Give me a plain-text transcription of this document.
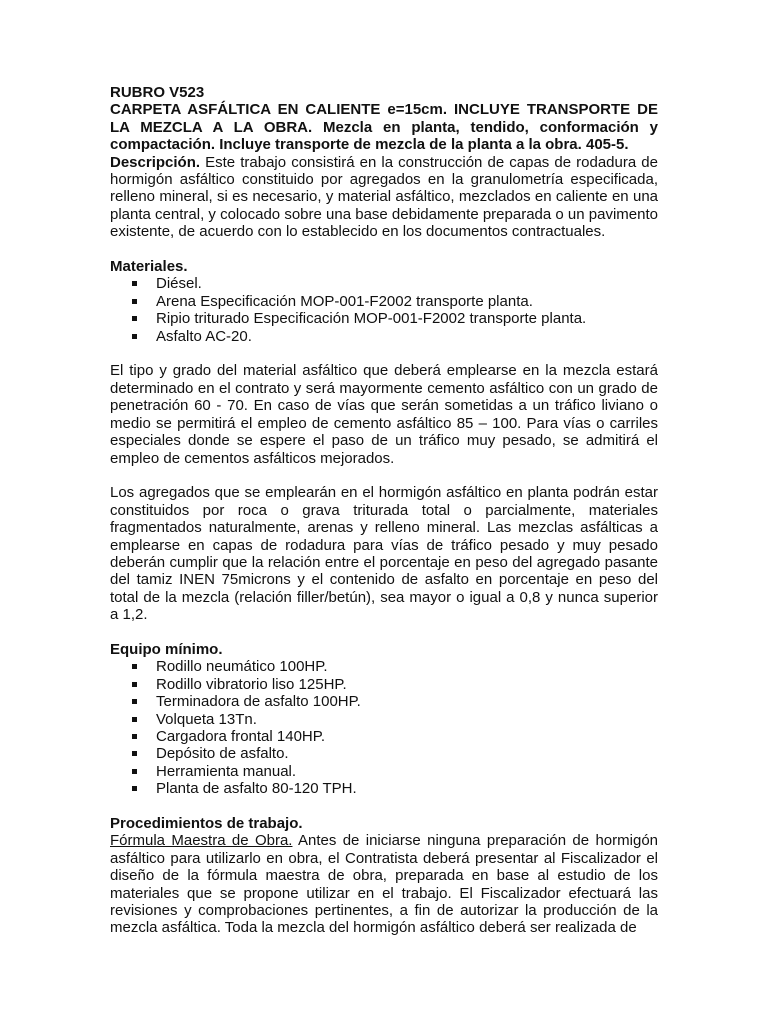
RUBRO V523

CARPETA ASFÁLTICA EN CALIENTE e=15cm. INCLUYE TRANSPORTE DE LA MEZCLA A LA OBRA. Mezcla en planta, tendido, conformación y compactación. Incluye transporte de mezcla de la planta a la obra. 405-5.

Descripción. Este trabajo consistirá en la construcción de capas de rodadura de hormigón asfáltico constituido por agregados en la granulometría especificada, relleno mineral, si es necesario, y material asfáltico, mezclados en caliente en una planta central, y colocado sobre una base debidamente preparada o un pavimento existente, de acuerdo con lo establecido en los documentos contractuales.

Materiales.

Diésel.
Arena Especificación MOP-001-F2002 transporte planta.
Ripio triturado Especificación MOP-001-F2002 transporte planta.
Asfalto AC-20.

El tipo y grado del material asfáltico que deberá emplearse en la mezcla estará determinado en el contrato y será mayormente cemento asfáltico con un grado de penetración 60 - 70. En caso de vías que serán sometidas a un tráfico liviano o medio se permitirá el empleo de cemento asfáltico 85 – 100. Para vías o carriles especiales donde se espere el paso de un tráfico muy pesado, se admitirá el empleo de cementos asfálticos mejorados.

Los agregados que se emplearán en el hormigón asfáltico en planta podrán estar constituidos por roca o grava triturada total o parcialmente, materiales fragmentados naturalmente, arenas y relleno mineral. Las mezclas asfálticas a emplearse en capas de rodadura para vías de tráfico pesado y muy pesado deberán cumplir que la relación entre el porcentaje en peso del agregado pasante del tamiz INEN 75microns y el contenido de asfalto en porcentaje en peso del total de la mezcla (relación filler/betún), sea mayor o igual a 0,8 y nunca superior a 1,2.

Equipo mínimo.

Rodillo neumático 100HP.
Rodillo vibratorio liso 125HP.
Terminadora de asfalto 100HP.
Volqueta 13Tn.
Cargadora frontal 140HP.
Depósito de asfalto.
Herramienta manual.
Planta de asfalto 80-120 TPH.

Procedimientos de trabajo.

Fórmula Maestra de Obra. Antes de iniciarse ninguna preparación de hormigón asfáltico para utilizarlo en obra, el Contratista deberá presentar al Fiscalizador el diseño de la fórmula maestra de obra, preparada en base al estudio de los materiales que se propone utilizar en el trabajo. El Fiscalizador efectuará las revisiones y comprobaciones pertinentes, a fin de autorizar la producción de la mezcla asfáltica. Toda la mezcla del hormigón asfáltico deberá ser realizada de
